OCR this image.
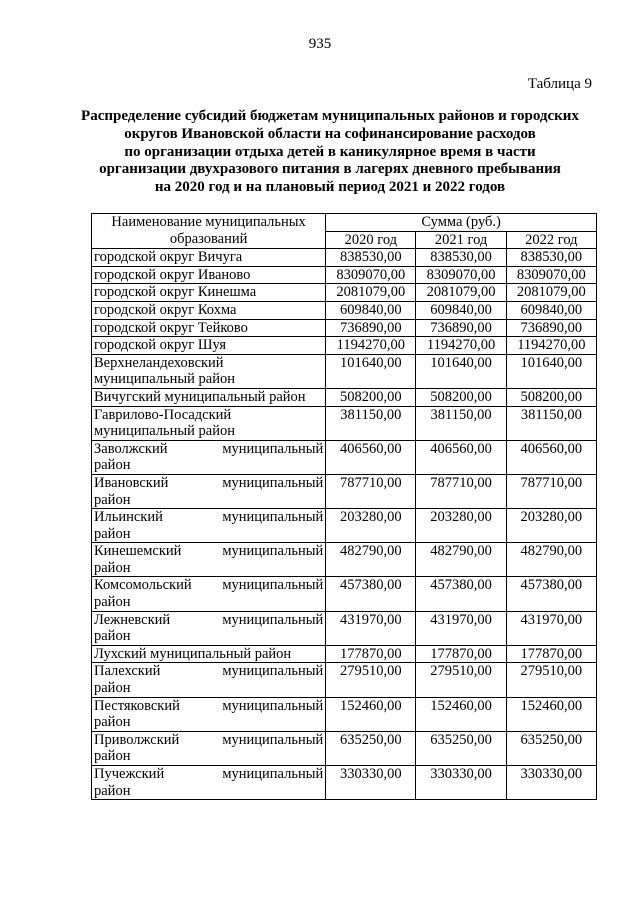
935
Таблица 9
Распределение субсидий бюджетам муниципальных районов и городских
округов Ивановской области на софинансирование расходов
по организации отдыха детей в каникулярное время в части
организации двухразового питания в лагерях дневного пребывания
на 2020 год и на плановый период 2021 и 2022 годов
Наименование муниципальных образований	Сумма (руб.)		
	2020 год	2021 год	2022 год

городской округ Вичуга	838530,00	838530,00	838530,00

городской округ Иваново	8309070,00	8309070,00	8309070,00

городской округ Кинешма	2081079,00	2081079,00	2081079,00

городской округ Кохма	609840,00	609840,00	609840,00

городской округ Тейково	736890,00	736890,00	736890,00

городской округ Шуя	1194270,00	1194270,00	1194270,00

Верхнеландеховский
муниципальный район	101640,00	101640,00	101640,00

Вичугский муниципальный район	508200,00	508200,00	508200,00

Гаврилово-Посадский
муниципальный район	381150,00	381150,00	381150,00

Заволжский муниципальный
район	406560,00	406560,00	406560,00

Ивановский муниципальный
район	787710,00	787710,00	787710,00

Ильинский муниципальный
район	203280,00	203280,00	203280,00

Кинешемский муниципальный
район	482790,00	482790,00	482790,00

Комсомольский муниципальный
район	457380,00	457380,00	457380,00

Лежневский муниципальный
район	431970,00	431970,00	431970,00

Лухский муниципальный район	177870,00	177870,00	177870,00

Палехский муниципальный
район	279510,00	279510,00	279510,00

Пестяковский муниципальный
район	152460,00	152460,00	152460,00

Приволжский муниципальный
район	635250,00	635250,00	635250,00

Пучежский муниципальный
район	330330,00	330330,00	330330,00
